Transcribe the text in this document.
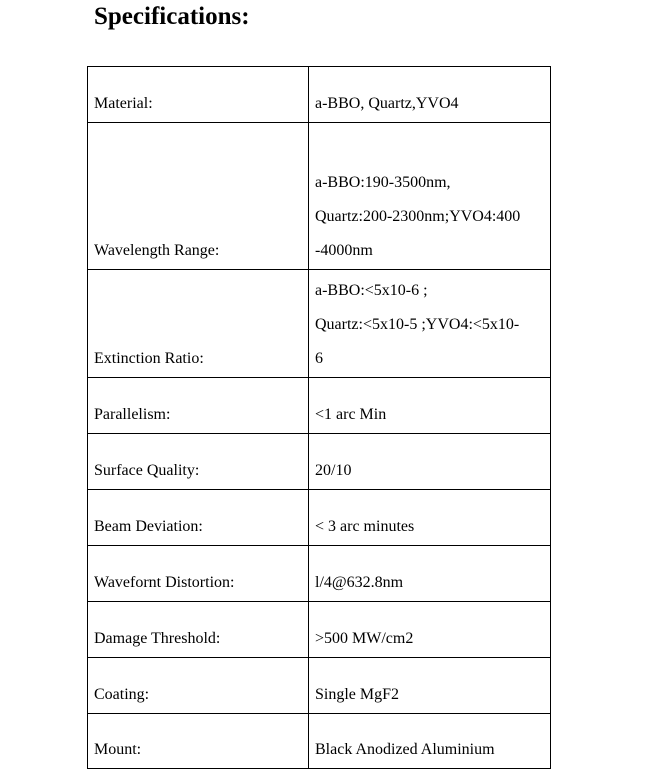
Specifications:
Material:	a-BBO, Quartz,YVO4

Wavelength Range:	a-BBO:190-3500nm,
Quartz:200-2300nm;YVO4:400
-4000nm

Extinction Ratio:	a-BBO:<5x10-6 ;
Quartz:<5x10-5 ;YVO4:<5x10-
6

Parallelism:	<1 arc Min

Surface Quality:	20/10

Beam Deviation:	< 3 arc minutes

Wavefornt Distortion:	l/4@632.8nm

Damage Threshold:	>500 MW/cm2

Coating:	Single MgF2

Mount:	Black Anodized Aluminium
